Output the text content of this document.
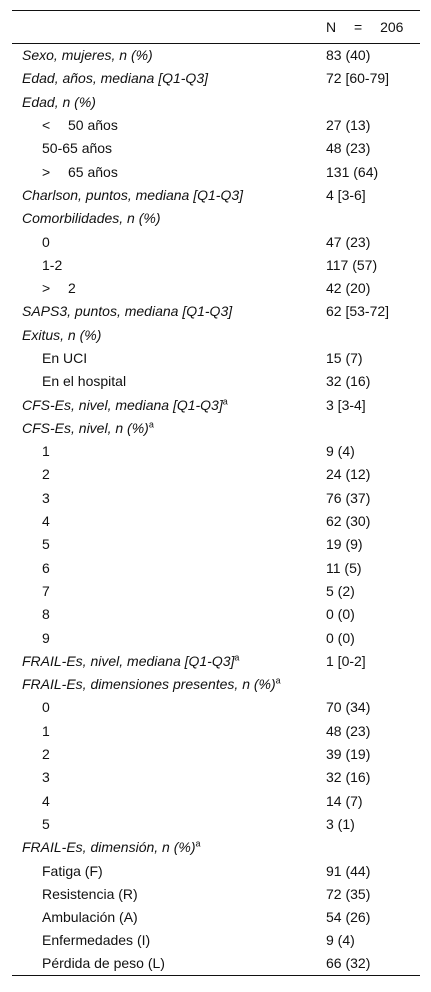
	N = 206
Sexo, mujeres, n (%)	83 (40)
Edad, años, mediana [Q1-Q3]	72 [60-79]
Edad, n (%)	
< 50 años	27 (13)
50-65 años	48 (23)
> 65 años	131 (64)
Charlson, puntos, mediana [Q1-Q3]	4 [3-6]
Comorbilidades, n (%)	
0	47 (23)
1-2	117 (57)
> 2	42 (20)
SAPS3, puntos, mediana [Q1-Q3]	62 [53-72]
Exitus, n (%)	
En UCI	15 (7)
En el hospital	32 (16)
CFS-Es, nivel, mediana $[Q1-Q3]^a$	3 [3-4]
CFS-Es, nivel, n (%)$^a$	
1	9 (4)
2	24 (12)
3	76 (37)
4	62 (30)
5	19 (9)
6	11 (5)
7	5 (2)
8	0 (0)
9	0 (0)
FRAIL-Es, nivel, mediana $[Q1-Q3]^a$	1 [0-2]
FRAIL-Es, dimensiones presentes, n (%)$^a$	
0	70 (34)
1	48 (23)
2	39 (19)
3	32 (16)
4	14 (7)
5	3 (1)
FRAIL-Es, dimensión, n (%)$^a$	
Fatiga (F)	91 (44)
Resistencia (R)	72 (35)
Ambulación (A)	54 (26)
Enfermedades (I)	9 (4)
Pérdida de peso (L)	66 (32)
